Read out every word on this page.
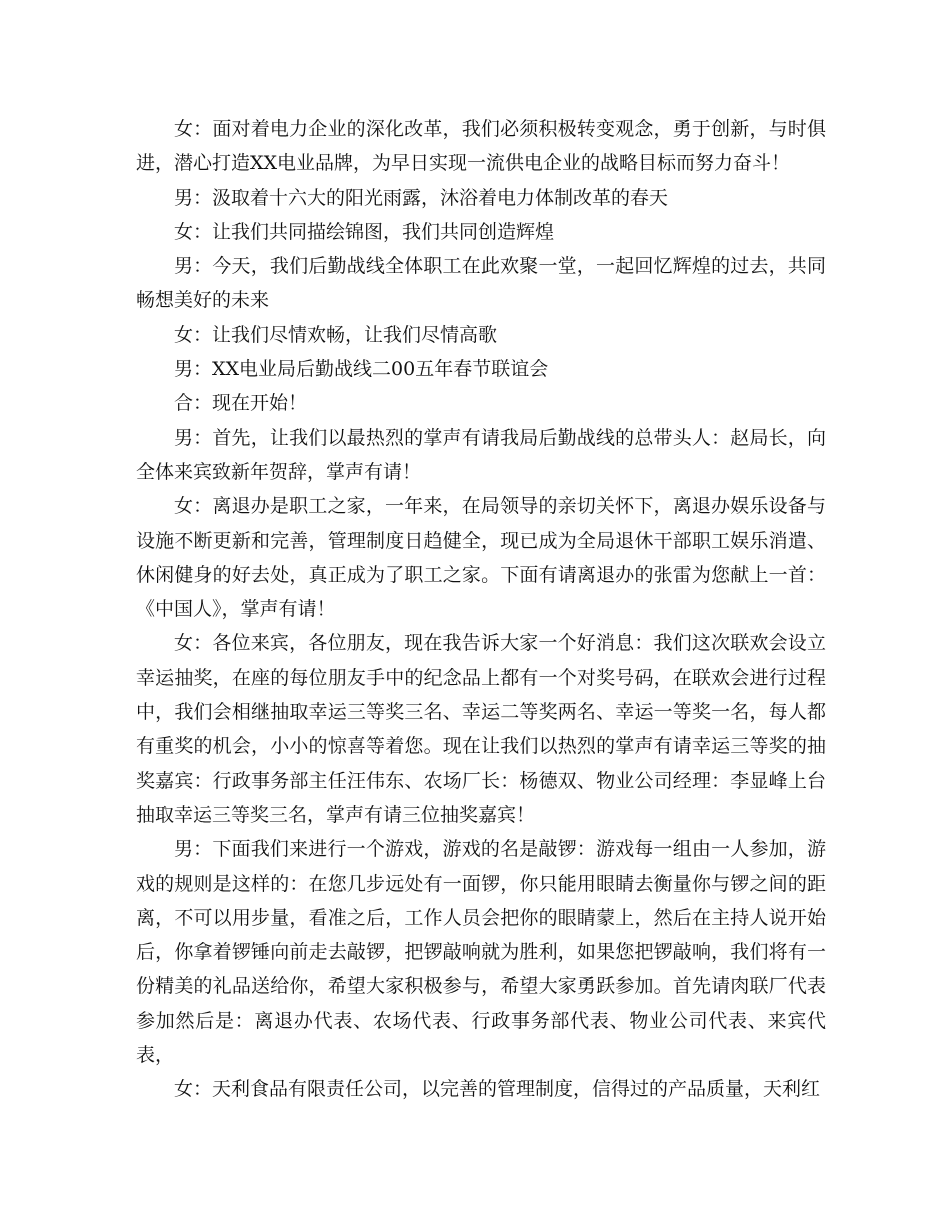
女：面对着电力企业的深化改革，我们必须积极转变观念，勇于创新，与时俱进，潜心打造XX电业品牌，为早日实现一流供电企业的战略目标而努力奋斗！

男：汲取着十六大的阳光雨露，沐浴着电力体制改革的春天

女：让我们共同描绘锦图，我们共同创造辉煌

男：今天，我们后勤战线全体职工在此欢聚一堂，一起回忆辉煌的过去，共同畅想美好的未来

女：让我们尽情欢畅，让我们尽情高歌

男：XX电业局后勤战线二00五年春节联谊会

合：现在开始！

男：首先，让我们以最热烈的掌声有请我局后勤战线的总带头人：赵局长，向全体来宾致新年贺辞，掌声有请！

女：离退办是职工之家，一年来，在局领导的亲切关怀下，离退办娱乐设备与设施不断更新和完善，管理制度日趋健全，现已成为全局退休干部职工娱乐消遣、休闲健身的好去处，真正成为了职工之家。下面有请离退办的张雷为您献上一首：《中国人》，掌声有请！

女：各位来宾，各位朋友，现在我告诉大家一个好消息：我们这次联欢会设立幸运抽奖，在座的每位朋友手中的纪念品上都有一个对奖号码，在联欢会进行过程中，我们会相继抽取幸运三等奖三名、幸运二等奖两名、幸运一等奖一名，每人都有重奖的机会，小小的惊喜等着您。现在让我们以热烈的掌声有请幸运三等奖的抽奖嘉宾：行政事务部主任汪伟东、农场厂长：杨德双、物业公司经理：李显峰上台抽取幸运三等奖三名，掌声有请三位抽奖嘉宾！

男：下面我们来进行一个游戏，游戏的名是敲锣：游戏每一组由一人参加，游戏的规则是这样的：在您几步远处有一面锣，你只能用眼睛去衡量你与锣之间的距离，不可以用步量，看准之后，工作人员会把你的眼睛蒙上，然后在主持人说开始后，你拿着锣锤向前走去敲锣，把锣敲响就为胜利，如果您把锣敲响，我们将有一份精美的礼品送给你，希望大家积极参与，希望大家勇跃参加。首先请肉联厂代表参加然后是：离退办代表、农场代表、行政事务部代表、物业公司代表、来宾代表，

女：天利食品有限责任公司，以完善的管理制度，信得过的产品质量，天利红
